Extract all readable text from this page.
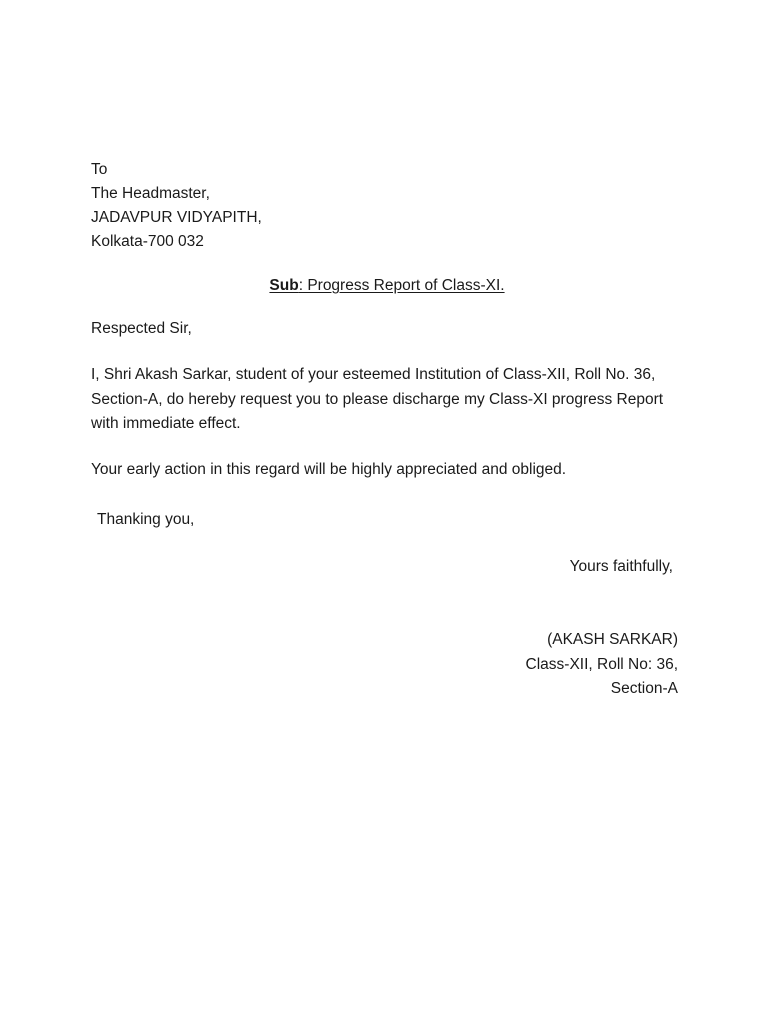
To
The Headmaster,
JADAVPUR VIDYAPITH,
Kolkata-700 032
Sub: Progress Report of Class-XI.
Respected Sir,
I, Shri Akash Sarkar, student of your esteemed Institution of Class-XII, Roll No. 36,
Section-A, do hereby request you to please discharge my Class-XI progress Report
with immediate effect.
Your early action in this regard will be highly appreciated and obliged.
Thanking you,
Yours faithfully,
(AKASH SARKAR)
Class-XII, Roll No: 36,
Section-A
